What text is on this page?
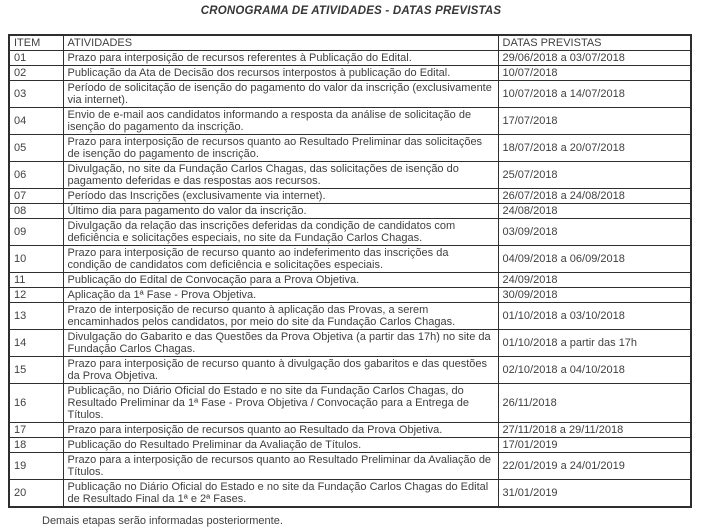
CRONOGRAMA DE ATIVIDADES - DATAS PREVISTAS
ITEM	ATIVIDADES	DATAS PREVISTAS
01	Prazo para interposição de recursos referentes à Publicação do Edital.	29/06/2018 a 03/07/2018
02	Publicação da Ata de Decisão dos recursos interpostos à publicação do Edital.	10/07/2018
03	Período de solicitação de isenção do pagamento do valor da inscrição (exclusivamente via internet).	10/07/2018 a 14/07/2018
04	Envio de e-mail aos candidatos informando a resposta da análise de solicitação de isenção do pagamento da inscrição.	17/07/2018
05	Prazo para interposição de recursos quanto ao Resultado Preliminar das solicitações de isenção do pagamento de inscrição.	18/07/2018 a 20/07/2018
06	Divulgação, no site da Fundação Carlos Chagas, das solicitações de isenção do pagamento deferidas e das respostas aos recursos.	25/07/2018
07	Período das Inscrições (exclusivamente via internet).	26/07/2018 a 24/08/2018
08	Último dia para pagamento do valor da inscrição.	24/08/2018
09	Divulgação da relação das inscrições deferidas da condição de candidatos com deficiência e solicitações especiais, no site da Fundação Carlos Chagas.	03/09/2018
10	Prazo para interposição de recurso quanto ao indeferimento das inscrições da condição de candidatos com deficiência e solicitações especiais.	04/09/2018 a 06/09/2018
11	Publicação do Edital de Convocação para a Prova Objetiva.	24/09/2018
12	Aplicação da 1ª Fase - Prova Objetiva.	30/09/2018
13	Prazo de interposição de recurso quanto à aplicação das Provas, a serem encaminhados pelos candidatos, por meio do site da Fundação Carlos Chagas.	01/10/2018 a 03/10/2018
14	Divulgação do Gabarito e das Questões da Prova Objetiva (a partir das 17h) no site da Fundação Carlos Chagas.	01/10/2018 a partir das 17h
15	Prazo para interposição de recurso quanto à divulgação dos gabaritos e das questões da Prova Objetiva.	02/10/2018 a 04/10/2018
16	Publicação, no Diário Oficial do Estado e no site da Fundação Carlos Chagas, do Resultado Preliminar da 1ª Fase - Prova Objetiva / Convocação para a Entrega de Títulos.	26/11/2018
17	Prazo para interposição de recursos quanto ao Resultado da Prova Objetiva.	27/11/2018 a 29/11/2018
18	Publicação do Resultado Preliminar da Avaliação de Títulos.	17/01/2019
19	Prazo para a interposição de recursos quanto ao Resultado Preliminar da Avaliação de Títulos.	22/01/2019 a 24/01/2019
20	Publicação no Diário Oficial do Estado e no site da Fundação Carlos Chagas do Edital de Resultado Final da 1ª e 2ª Fases.	31/01/2019
Demais etapas serão informadas posteriormente.
